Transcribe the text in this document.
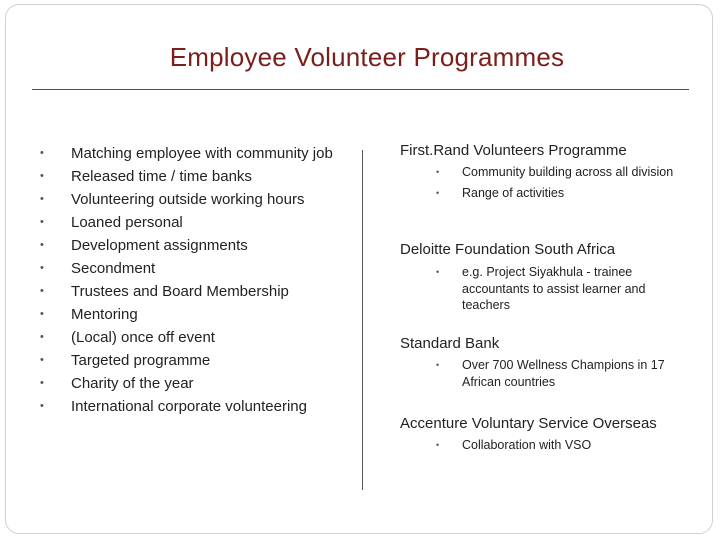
Employee Volunteer Programmes
•	Matching employee with community job
•	Released time / time banks
•	Volunteering outside working hours
•	Loaned personal
•	Development assignments
•	Secondment
•	Trustees and Board Membership
•	Mentoring
•	(Local) once off event
•	Targeted programme
•	Charity of the year
•	International corporate volunteering
First.Rand Volunteers Programme
• Community building across all division
• Range of activities
Deloitte Foundation South Africa
• e.g. Project Siyakhula - trainee accountants to assist learner and teachers
Standard Bank
• Over 700 Wellness Champions in 17 African countries
Accenture Voluntary Service Overseas
• Collaboration with VSO
